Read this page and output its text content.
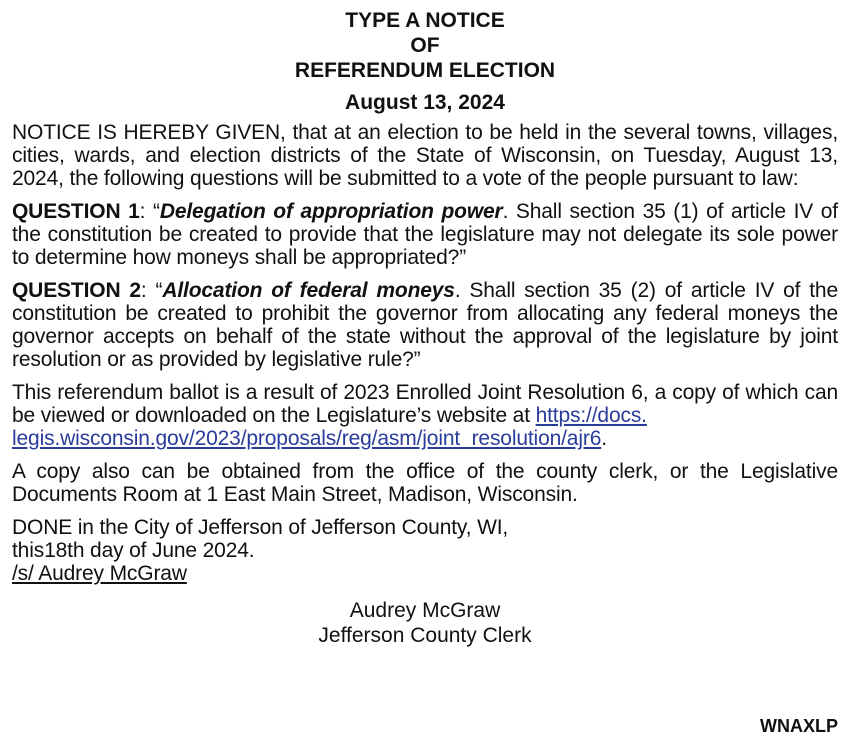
TYPE A NOTICE
OF
REFERENDUM ELECTION
August 13, 2024

NOTICE IS HEREBY GIVEN, that at an election to be held in the several towns, villages, cities, wards, and election districts of the State of Wisconsin, on Tuesday, August 13, 2024, the following questions will be submitted to a vote of the people pursuant to law:

QUESTION 1: “Delegation of appropriation power. Shall section 35 (1) of article IV of the constitution be created to provide that the legislature may not delegate its sole power to determine how moneys shall be appropriated?”

QUESTION 2: “Allocation of federal moneys. Shall section 35 (2) of article IV of the constitution be created to prohibit the governor from allocating any federal moneys the governor accepts on behalf of the state without the approval of the legislature by joint resolution or as provided by legislative rule?”

This referendum ballot is a result of 2023 Enrolled Joint Resolution 6, a copy of which can be viewed or downloaded on the Legislature’s website at https://docs.
legis.wisconsin.gov/2023/proposals/reg/asm/joint_resolution/ajr6.

A copy also can be obtained from the office of the county clerk, or the Legislative Documents Room at 1 East Main Street, Madison, Wisconsin.

DONE in the City of Jefferson of Jefferson County, WI,
this18th day of June 2024.
/s/ Audrey McGraw

Audrey McGraw
Jefferson County Clerk
WNAXLP
